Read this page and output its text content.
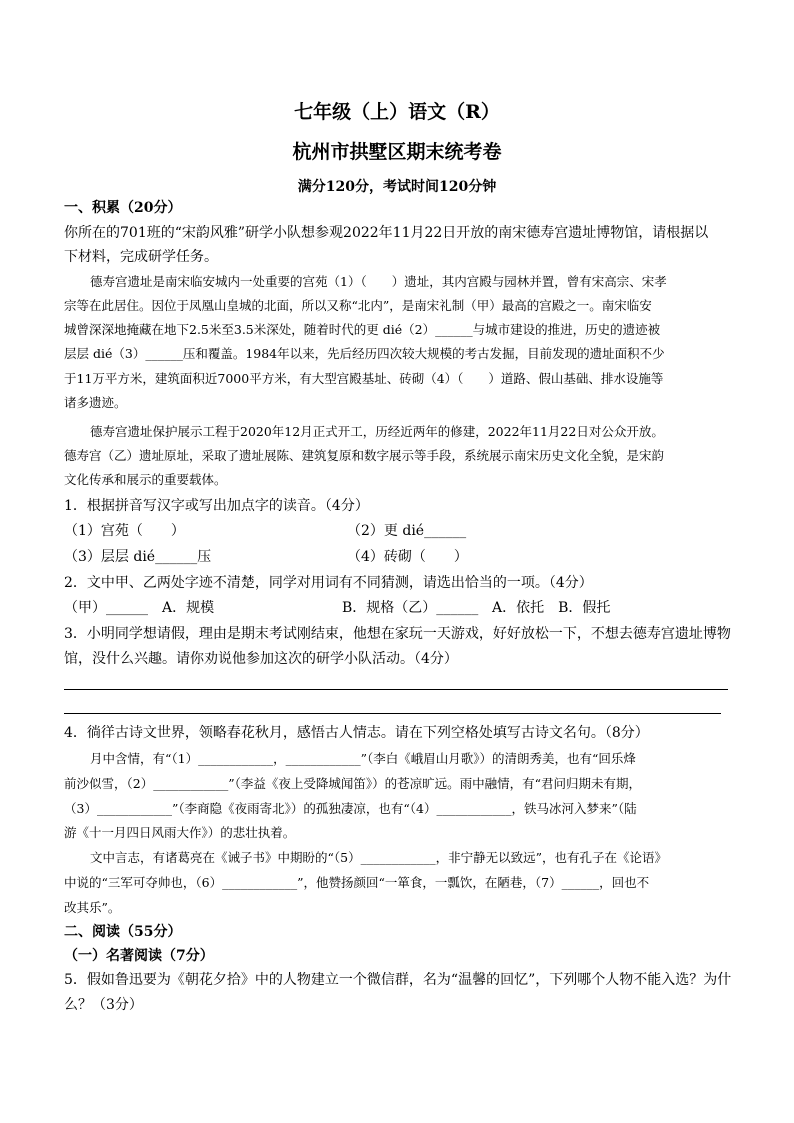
七年级（上）语文（R）
杭州市拱墅区期末统考卷
满分120分，考试时间120分钟
一、积累（20分）
你所在的701班的“宋韵风雅”研学小队想参观2022年11月22日开放的南宋德寿宫遗址博物馆，请根据以
下材料，完成研学任务。
德寿宫遗址是南宋临安城内一处重要的宫苑（1）（　　）遗址，其内宫殿与园林并置，曾有宋高宗、宋孝
宗等在此居住。因位于凤凰山皇城的北面，所以又称“北内”，是南宋礼制（甲）最高的宫殿之一。南宋临安
城曾深深地掩藏在地下2.5米至3.5米深处，随着时代的更 dié（2）______与城市建设的推进，历史的遗迹被
层层 dié（3）______压和覆盖。1984年以来，先后经历四次较大规模的考古发掘，目前发现的遗址面积不少
于11万平方米，建筑面积近7000平方米，有大型宫殿基址、砖砌（4）（　　）道路、假山基础、排水设施等
诸多遗迹。
德寿宫遗址保护展示工程于2020年12月正式开工，历经近两年的修建，2022年11月22日对公众开放。
德寿宫（乙）遗址原址，采取了遗址展陈、建筑复原和数字展示等手段，系统展示南宋历史文化全貌，是宋韵
文化传承和展示的重要载体。
1．根据拼音写汉字或写出加点字的读音。（4分）
（1）宫苑（　　）	（2）更 dié______
（3）层层 dié______压	（4）砖砌（　　）
2．文中甲、乙两处字迹不清楚，同学对用词有不同猜测，请选出恰当的一项。（4分）
（甲）______　A．规模	B．规格（乙）______ A．依托　B．假托
3．小明同学想请假，理由是期末考试刚结束，他想在家玩一天游戏，好好放松一下，不想去德寿宫遗址博物
馆，没什么兴趣。请你劝说他参加这次的研学小队活动。（4分）
4．徜徉古诗文世界，领略春花秋月，感悟古人情志。请在下列空格处填写古诗文名句。（8分）
月中含情，有“（1）____________，____________”（李白《峨眉山月歌》）的清朗秀美，也有“回乐烽
前沙似雪，（2）____________”（李益《夜上受降城闻笛》）的苍凉旷远。雨中融情，有“君问归期未有期，
（3）____________”（李商隐《夜雨寄北》）的孤独凄凉，也有“（4）____________，铁马冰河入梦来”（陆
游《十一月四日风雨大作》）的悲壮执着。
文中言志，有诸葛亮在《诫子书》中期盼的“（5）____________，非宁静无以致远”，也有孔子在《论语》
中说的“三军可夺帅也，（6）____________”，他赞扬颜回“一箪食，一瓢饮，在陋巷，（7）______，回也不
改其乐”。
二、阅读（55分）
（一）名著阅读（7分）
5．假如鲁迅要为《朝花夕拾》中的人物建立一个微信群，名为“温馨的回忆”，下列哪个人物不能入选？为什
么？（3分）
